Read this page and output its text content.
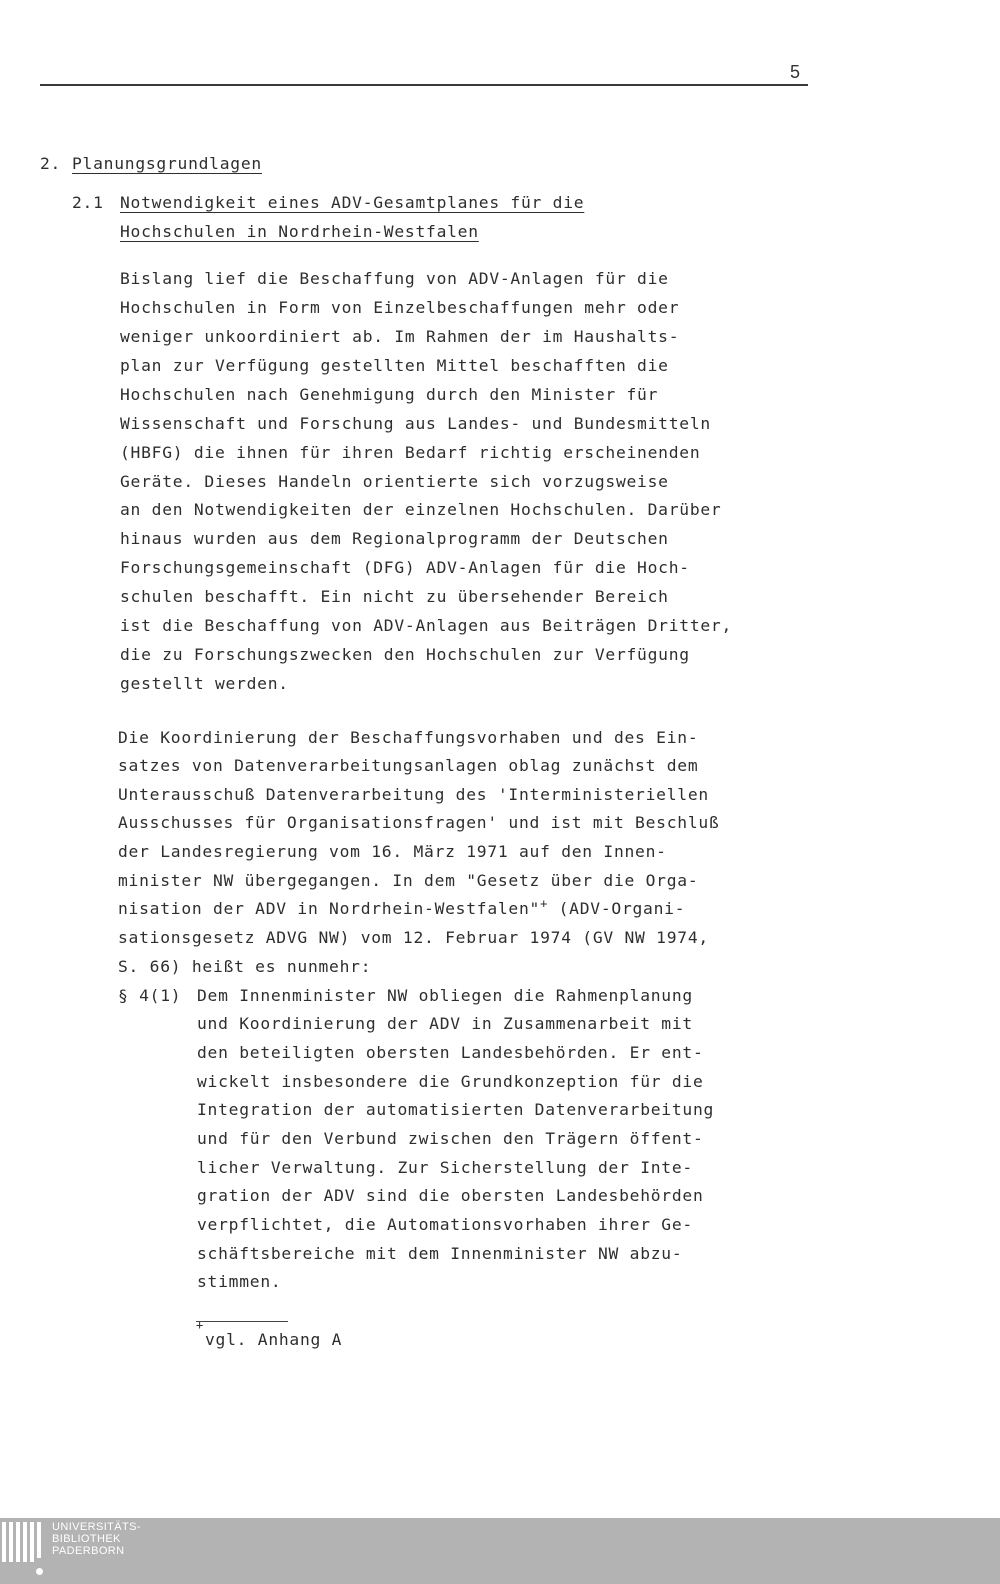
5
2. Planungsgrundlagen
2.1 Notwendigkeit eines ADV-Gesamtplanes für die
Hochschulen in Nordrhein-Westfalen
Bislang lief die Beschaffung von ADV-Anlagen für die
Hochschulen in Form von Einzelbeschaffungen mehr oder
weniger unkoordiniert ab. Im Rahmen der im Haushalts-
plan zur Verfügung gestellten Mittel beschafften die
Hochschulen nach Genehmigung durch den Minister für
Wissenschaft und Forschung aus Landes- und Bundesmitteln
(HBFG) die ihnen für ihren Bedarf richtig erscheinenden
Geräte. Dieses Handeln orientierte sich vorzugsweise
an den Notwendigkeiten der einzelnen Hochschulen. Darüber
hinaus wurden aus dem Regionalprogramm der Deutschen
Forschungsgemeinschaft (DFG) ADV-Anlagen für die Hoch-
schulen beschafft. Ein nicht zu übersehender Bereich
ist die Beschaffung von ADV-Anlagen aus Beiträgen Dritter,
die zu Forschungszwecken den Hochschulen zur Verfügung
gestellt werden.
Die Koordinierung der Beschaffungsvorhaben und des Ein-
satzes von Datenverarbeitungsanlagen oblag zunächst dem
Unterausschuß Datenverarbeitung des 'Interministeriellen
Ausschusses für Organisationsfragen' und ist mit Beschluß
der Landesregierung vom 16. März 1971 auf den Innen-
minister NW übergegangen. In dem "Gesetz über die Orga-
nisation der ADV in Nordrhein-Westfalen"+ (ADV-Organi-
sationsgesetz ADVG NW) vom 12. Februar 1974 (GV NW 1974,
S. 66) heißt es nunmehr:
§ 4(1) Dem Innenminister NW obliegen die Rahmenplanung
und Koordinierung der ADV in Zusammenarbeit mit
den beteiligten obersten Landesbehörden. Er ent-
wickelt insbesondere die Grundkonzeption für die
Integration der automatisierten Datenverarbeitung
und für den Verbund zwischen den Trägern öffent-
licher Verwaltung. Zur Sicherstellung der Inte-
gration der ADV sind die obersten Landesbehörden
verpflichtet, die Automationsvorhaben ihrer Ge-
schäftsbereiche mit dem Innenminister NW abzu-
stimmen.
+
vgl. Anhang A
UNIVERSITÄTS-
BIBLIOTHEK
PADERBORN
